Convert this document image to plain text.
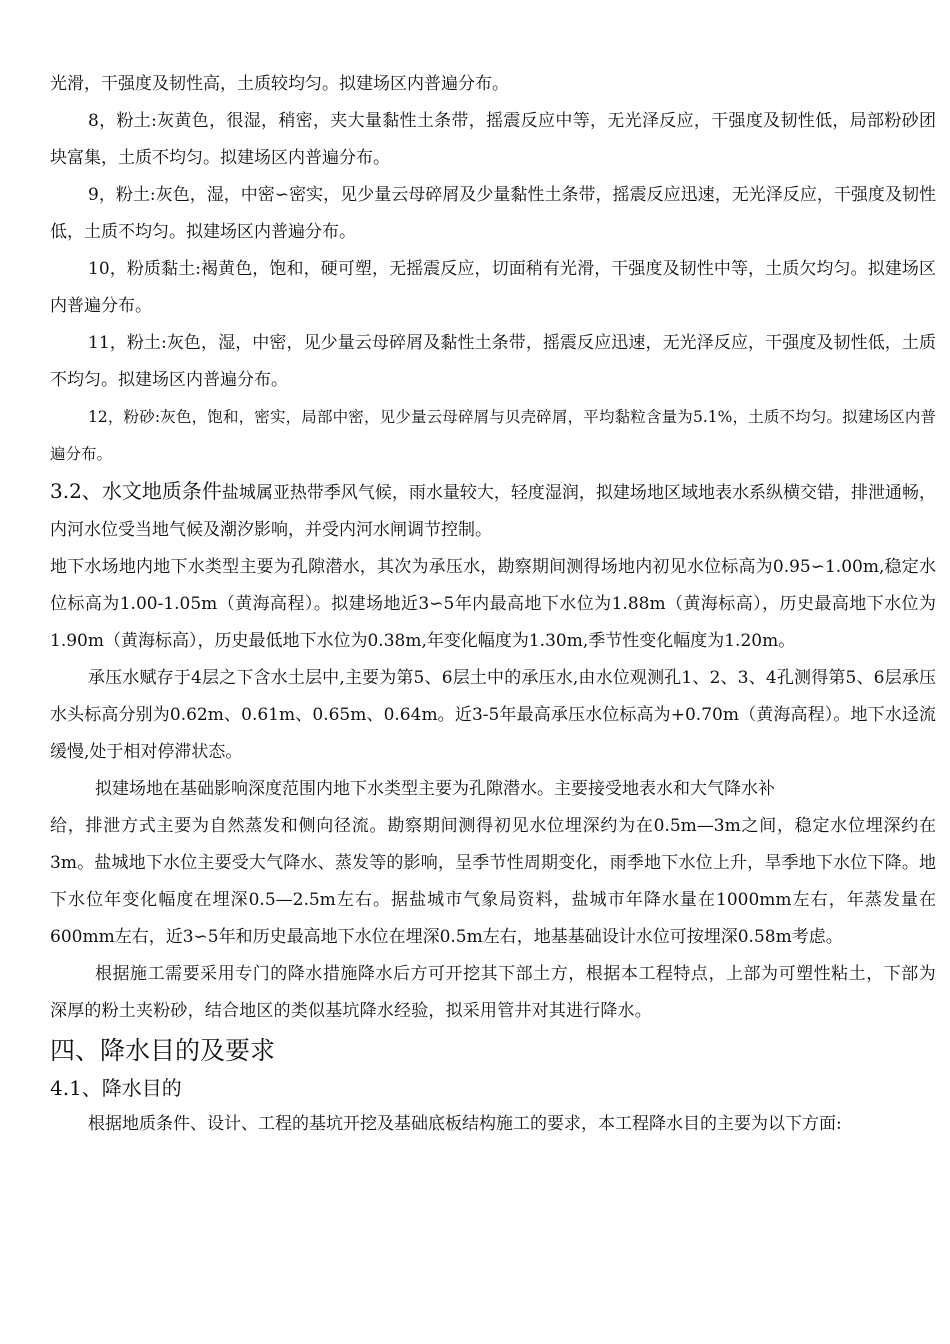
光滑，干强度及韧性高，土质较均匀。拟建场区内普遍分布。

8，粉土:灰黄色，很湿，稍密，夹大量黏性土条带，摇震反应中等，无光泽反应，干强度及韧性低，局部粉砂团块富集，土质不均匀。拟建场区内普遍分布。

9，粉土:灰色，湿，中密∽密实，见少量云母碎屑及少量黏性土条带，摇震反应迅速，无光泽反应，干强度及韧性低，土质不均匀。拟建场区内普遍分布。

10，粉质黏土:褐黄色，饱和，硬可塑，无摇震反应，切面稍有光滑，干强度及韧性中等，土质欠均匀。拟建场区内普遍分布。

11，粉土:灰色，湿，中密，见少量云母碎屑及黏性土条带，摇震反应迅速，无光泽反应，干强度及韧性低，土质不均匀。拟建场区内普遍分布。

12，粉砂:灰色，饱和，密实，局部中密，见少量云母碎屑与贝壳碎屑，平均黏粒含量为5.1%，土质不均匀。拟建场区内普遍分布。

3.2、水文地质条件盐城属亚热带季风气候，雨水量较大，轻度湿润，拟建场地区域地表水系纵横交错，排泄通畅，内河水位受当地气候及潮汐影响，并受内河水闸调节控制。

地下水场地内地下水类型主要为孔隙潜水，其次为承压水，勘察期间测得场地内初见水位标高为0.95∽1.00m,稳定水位标高为1.00-1.05m（黄海高程）。拟建场地近3∽5年内最高地下水位为1.88m（黄海标高），历史最高地下水位为1.90m（黄海标高），历史最低地下水位为0.38m,年变化幅度为1.30m,季节性变化幅度为1.20m。

承压水赋存于4层之下含水土层中,主要为第5、6层土中的承压水,由水位观测孔1、2、3、4孔测得第5、6层承压水头标高分别为0.62m、0.61m、0.65m、0.64m。近3-5年最高承压水位标高为+0.70m（黄海高程）。地下水迳流缓慢,处于相对停滞状态。

拟建场地在基础影响深度范围内地下水类型主要为孔隙潜水。主要接受地表水和大气降水补

给，排泄方式主要为自然蒸发和侧向径流。勘察期间测得初见水位埋深约为在0.5m—3m之间，稳定水位埋深约在3m。盐城地下水位主要受大气降水、蒸发等的影响，呈季节性周期变化，雨季地下水位上升，旱季地下水位下降。地下水位年变化幅度在埋深0.5—2.5m左右。据盐城市气象局资料，盐城市年降水量在1000mm左右，年蒸发量在600mm左右，近3∽5年和历史最高地下水位在埋深0.5m左右，地基基础设计水位可按埋深0.58m考虑。

根据施工需要采用专门的降水措施降水后方可开挖其下部土方，根据本工程特点，上部为可塑性粘土，下部为深厚的粉土夹粉砂，结合地区的类似基坑降水经验，拟采用管井对其进行降水。

四、降水目的及要求

4.1、降水目的

根据地质条件、设计、工程的基坑开挖及基础底板结构施工的要求，本工程降水目的主要为以下方面:
